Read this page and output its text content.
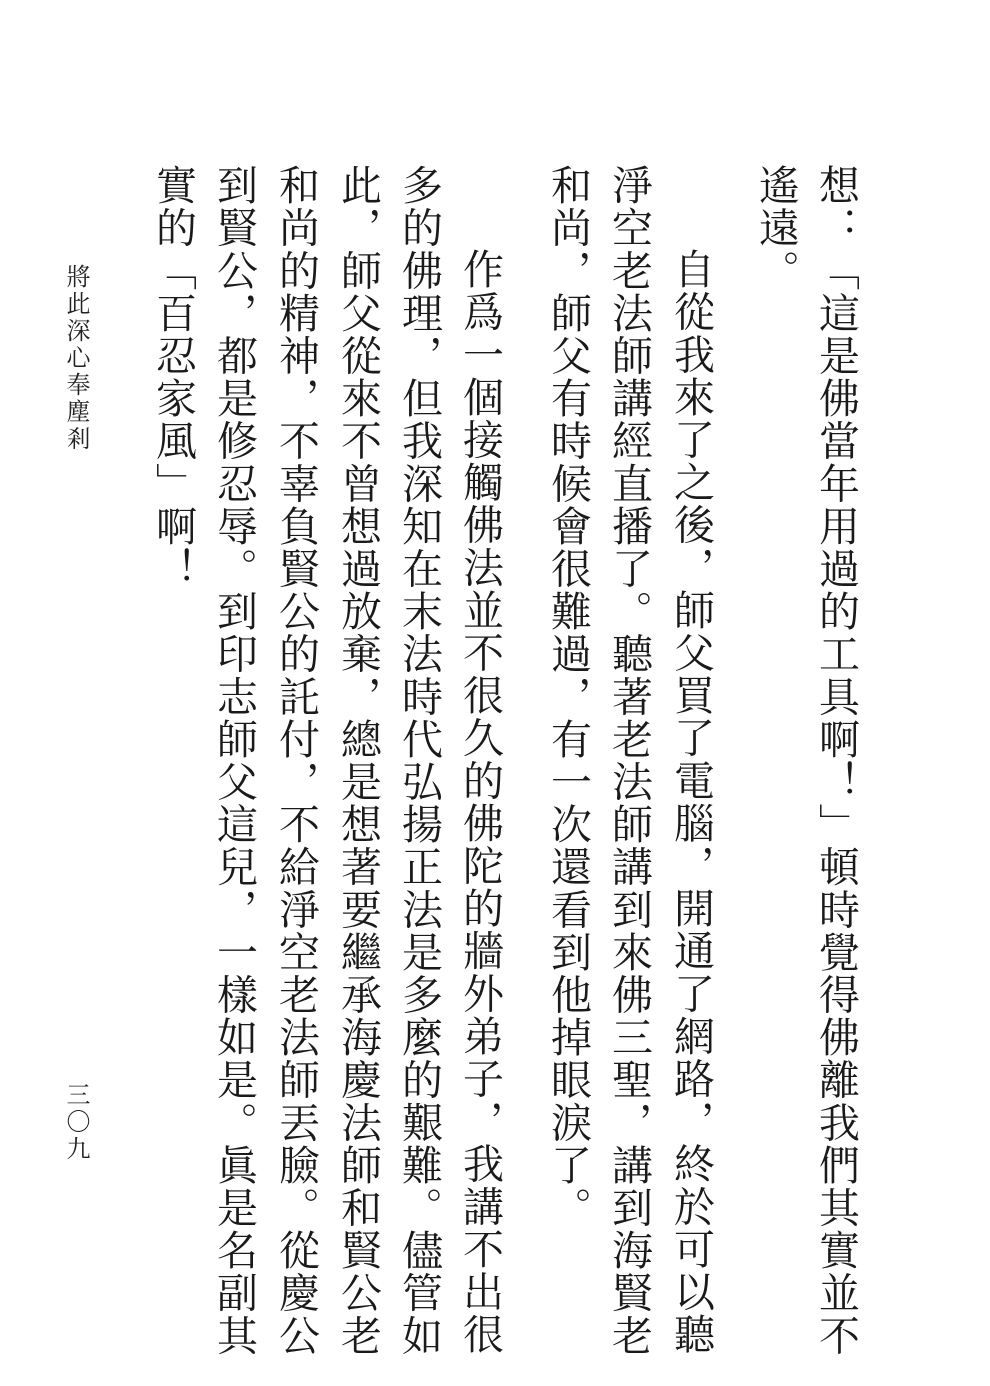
想：「這是佛當年用過的工具啊！」頓時覺得佛離我們其實並不
遙遠。
自從我來了之後，師父買了電腦，開通了網路，終於可以聽
淨空老法師講經直播了。聽著老法師講到來佛三聖，講到海賢老
和尚，師父有時候會很難過，有一次還看到他掉眼淚了。
作爲一個接觸佛法並不很久的佛陀的牆外弟子，我講不出很
多的佛理，但我深知在末法時代弘揚正法是多麼的艱難。儘管如
此，師父從來不曾想過放棄，總是想著要繼承海慶法師和賢公老
和尚的精神，不辜負賢公的託付，不給淨空老法師丟臉。從慶公
到賢公，都是修忍辱。到印志師父這兒，一樣如是。眞是名副其
實的「百忍家風」啊！
將此深心奉塵剎
三〇九
